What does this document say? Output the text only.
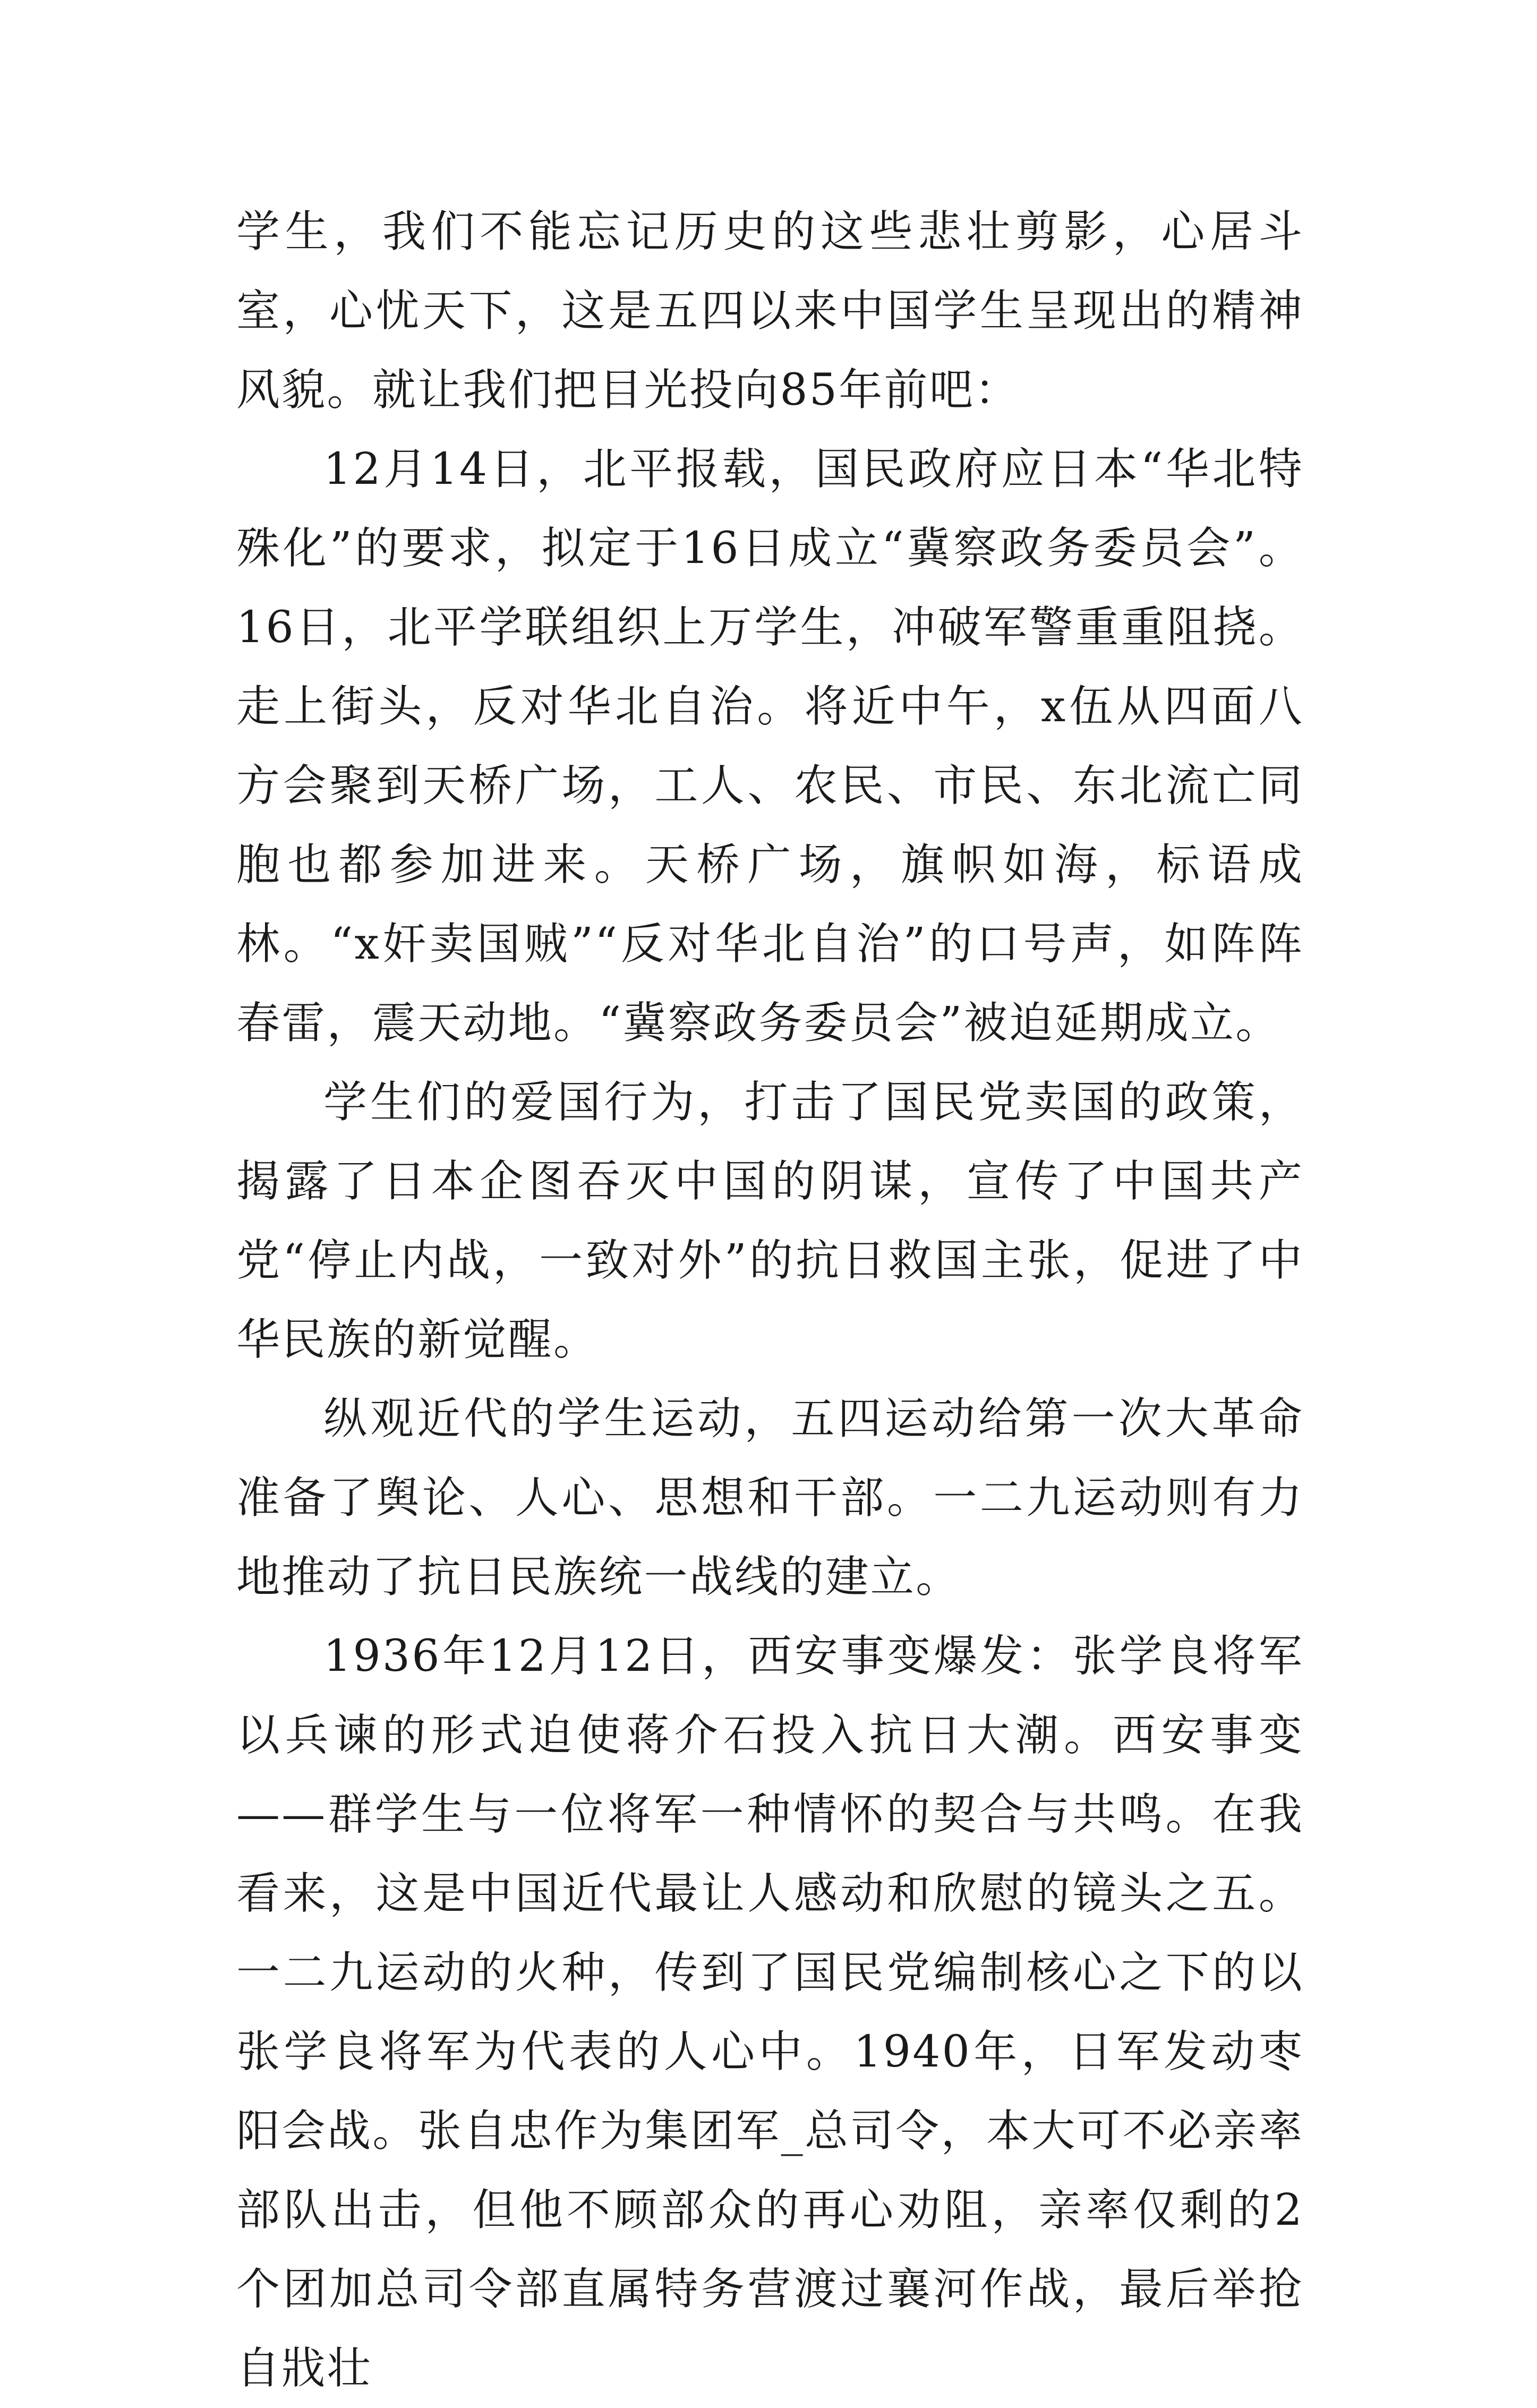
学生，我们不能忘记历史的这些悲壮剪影，心居斗室，心忧天下，这是五四以来中国学生呈现出的精神风貌。就让我们把目光投向85年前吧：

12月14日，北平报载，国民政府应日本“华北特殊化”的要求，拟定于16日成立“冀察政务委员会”。16日，北平学联组织上万学生，冲破军警重重阻挠。走上街头，反对华北自治。将近中午，x伍从四面八方会聚到天桥广场，工人、农民、市民、东北流亡同胞也都参加进来。天桥广场，旗帜如海，标语成林。“x奸卖国贼”“反对华北自治”的口号声，如阵阵春雷，震天动地。“冀察政务委员会”被迫延期成立。

学生们的爱国行为，打击了国民党卖国的政策，揭露了日本企图吞灭中国的阴谋，宣传了中国共产党“停止内战，一致对外”的抗日救国主张，促进了中华民族的新觉醒。

纵观近代的学生运动，五四运动给第一次大革命准备了舆论、人心、思想和干部。一二九运动则有力地推动了抗日民族统一战线的建立。

1936年12月12日，西安事变爆发：张学良将军以兵谏的形式迫使蒋介石投入抗日大潮。西安事变——群学生与一位将军一种情怀的契合与共鸣。在我看来，这是中国近代最让人感动和欣慰的镜头之五。一二九运动的火种，传到了国民党编制核心之下的以张学良将军为代表的人心中。1940年，日军发动枣阳会战。张自忠作为集团军_总司令，本大可不必亲率部队出击，但他不顾部众的再心劝阻，亲率仅剩的2个团加总司令部直属特务营渡过襄河作战，最后举抢自戕壮
